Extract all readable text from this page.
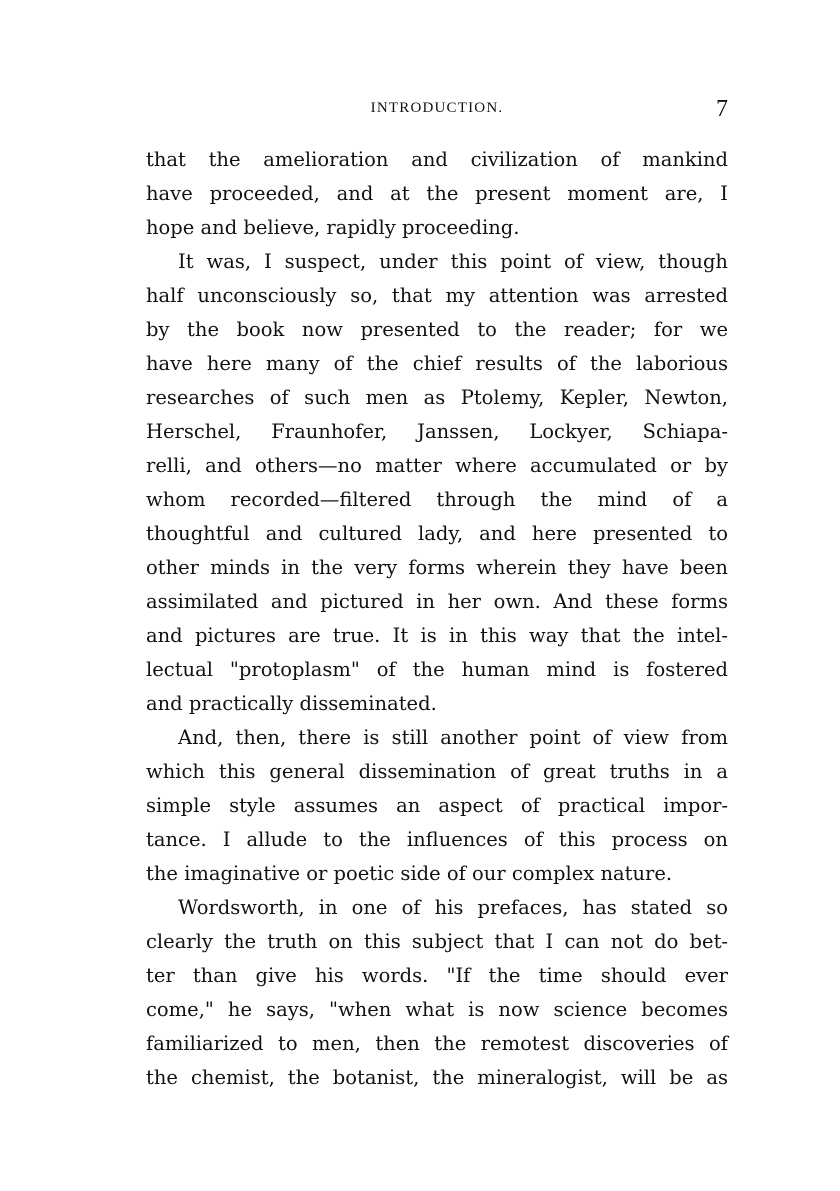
INTRODUCTION.	7
that the amelioration and civilization of mankind
have proceeded, and at the present moment are, I
hope and believe, rapidly proceeding.
It was, I suspect, under this point of view, though
half unconsciously so, that my attention was arrested
by the book now presented to the reader; for we
have here many of the chief results of the laborious
researches of such men as Ptolemy, Kepler, Newton,
Herschel, Fraunhofer, Janssen, Lockyer, Schiapa-
relli, and others—no matter where accumulated or by
whom recorded—filtered through the mind of a
thoughtful and cultured lady, and here presented to
other minds in the very forms wherein they have been
assimilated and pictured in her own. And these forms
and pictures are true. It is in this way that the intel-
lectual "protoplasm" of the human mind is fostered
and practically disseminated.
And, then, there is still another point of view from
which this general dissemination of great truths in a
simple style assumes an aspect of practical impor-
tance. I allude to the influences of this process on
the imaginative or poetic side of our complex nature.
Wordsworth, in one of his prefaces, has stated so
clearly the truth on this subject that I can not do bet-
ter than give his words. "If the time should ever
come," he says, "when what is now science becomes
familiarized to men, then the remotest discoveries of
the chemist, the botanist, the mineralogist, will be as
